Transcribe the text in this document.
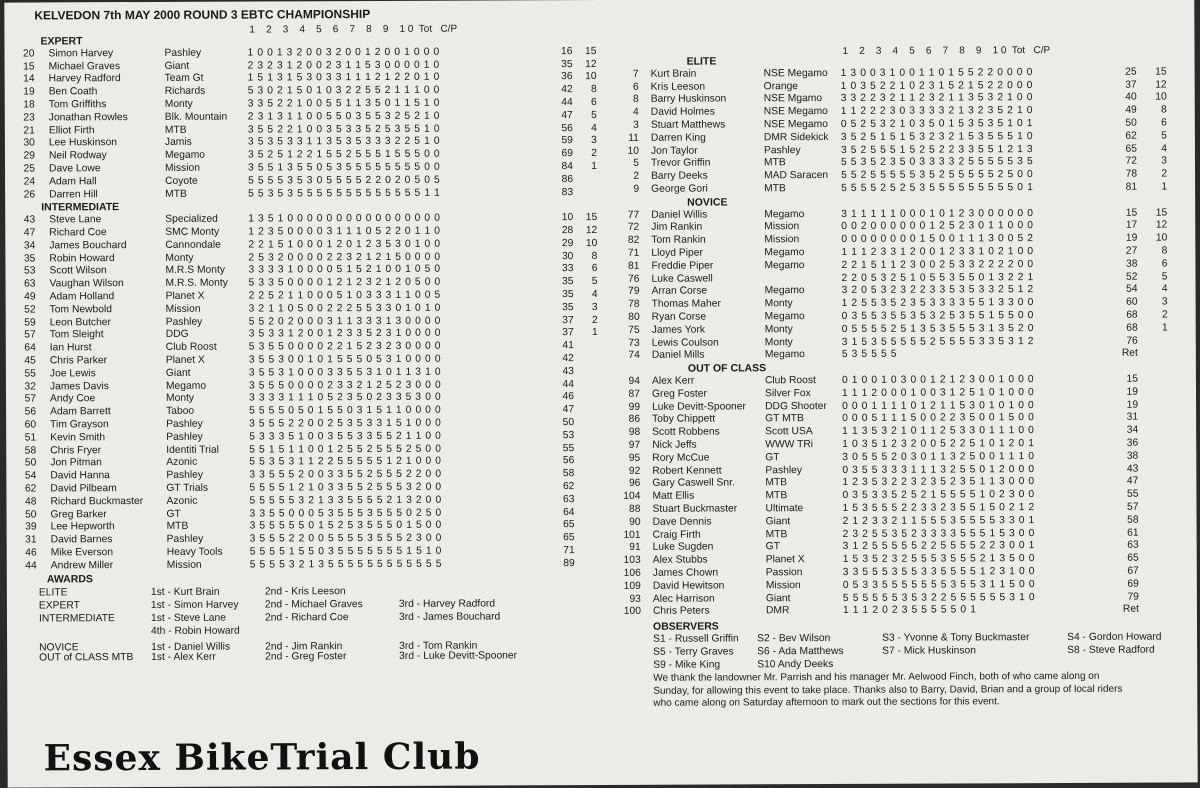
KELVEDON 7th MAY 2000 ROUND 3 EBTC CHAMPIONSHIP
1    2    3    4    5    6    7    8    9    1 0  Tot   C/P
EXPERT
20 Simon Harvey	Pashley	1 0 0 1 3 2 0 0 3 2 0 0 1 2 0 0 1 0 0 0	16	15
15 Michael Graves	Giant	2 3 2 3 1 2 0 0 2 3 1 1 5 3 0 0 0 0 1 0	35	12
14 Harvey Radford	Team Gt	1 5 1 3 1 5 3 0 3 3 1 1 1 2 1 2 2 0 1 0	36	10
19 Ben Coath	Richards	5 3 0 2 1 5 0 1 0 3 2 2 5 5 2 1 1 1 0 0	42	8
18 Tom Griffiths	Monty	3 3 5 2 2 1 0 0 5 5 1 1 3 5 0 1 1 5 1 0	44	6
23 Jonathan Rowles	Blk. Mountain 2 3 1 3 1 1 0 0 5 5 0 3 5 5 3 2 5 2 1 0	47	5
21 Elliot Firth	MTB	3 5 5 2 2 1 0 0 3 5 3 3 5 2 5 3 5 5 1 0	56	4
30 Lee Huskinson	Jamis	3 5 3 5 3 3 1 1 3 5 3 5 3 3 3 2 2 5 1 0	59	3
29 Neil Rodway	Megamo	3 5 2 5 1 2 2 1 5 5 2 5 5 5 1 5 5 5 0 0	69	2
25 Dave Lowe	Mission	3 5 5 1 3 5 5 0 5 3 5 5 5 5 5 5 5 5 0 0	84	1
24 Adam Hall	Coyote	5 5 5 5 3 5 3 0 5 5 5 5 2 2 0 2 0 5 0 5	86
26 Darren Hill	MTB	5 5 3 5 3 5 5 5 5 5 5 5 5 5 5 5 5 5 1 1	83
INTERMEDIATE
43 Steve Lane	Specialized	1 3 5 1 0 0 0 0 0 0 0 0 0 0 0 0 0 0 0 0	10	15
47 Richard Coe	SMC Monty	1 2 3 5 0 0 0 0 3 1 1 1 0 5 2 2 0 1 1 0	28	12
34 James Bouchard	Cannondale	2 2 1 5 1 0 0 0 1 2 0 1 2 3 5 3 0 1 0 0	29	10
35 Robin Howard	Monty	2 5 3 2 0 0 0 0 2 2 3 2 1 2 1 5 0 0 0 0	30	8
53 Scott Wilson	M.R.S Monty 3 3 3 3 1 0 0 0 0 5 1 5 2 1 0 0 1 0 5 0	33	6
63 Vaughan Wilson	M.R.S. Monty 5 3 3 5 0 0 0 0 1 2 1 2 3 2 1 2 0 5 0 0	35	5
49 Adam Holland	Planet X	2 2 5 2 1 1 0 0 0 5 1 0 3 3 3 1 1 0 0 5	35	4
52 Tom Newbold	Mission	3 2 1 1 0 5 0 0 2 2 2 5 5 3 3 0 1 0 1 0	35	3
59 Leon Butcher	Pashley	5 5 2 0 2 0 0 0 3 1 1 3 3 3 1 3 0 0 0 0	37	2
57 Tom Sleight	DDG	3 5 3 3 1 2 0 0 1 2 3 3 5 2 3 1 0 0 0 0	37	1
64 Ian Hurst	Club Roost	5 3 5 5 0 0 0 0 2 2 1 5 2 3 2 3 0 0 0 0	41
45 Chris Parker	Planet X	3 5 5 3 0 0 1 0 1 5 5 5 0 5 3 1 0 0 0 0	42
55 Joe Lewis	Giant	3 5 5 3 1 0 0 0 3 3 5 5 3 1 0 1 1 3 1 0	43
32 James Davis	Megamo	3 5 5 5 0 0 0 0 2 3 3 2 1 2 5 2 3 0 0 0	44
57 Andy Coe	Monty	3 3 3 3 1 1 1 0 5 2 3 5 0 2 3 3 5 3 0 0	46
56 Adam Barrett	Taboo	5 5 5 5 0 5 0 1 5 5 0 3 1 5 1 1 0 0 0 0	47
60 Tim Grayson	Pashley	3 5 5 5 2 2 0 0 2 5 3 5 3 3 1 5 1 0 0 0	50
51 Kevin Smith	Pashley	5 3 3 3 5 1 0 0 3 5 5 3 3 5 5 2 1 1 0 0	53
58 Chris Fryer	Identiti Trial	5 5 1 5 1 1 0 0 1 2 5 5 2 5 5 5 2 5 0 0	55
50 Jon Pitman	Azonic	5 5 3 5 3 1 1 2 2 5 5 5 5 5 1 2 1 0 0 0	56
54 David Hanna	Pashley	3 3 5 5 5 2 0 0 3 3 5 5 2 5 5 5 2 2 0 0	58
62 David Pilbeam	GT Trials	5 5 5 5 1 2 1 0 3 3 5 5 2 5 5 5 3 2 0 0	62
48 Richard Buckmaster Azonic	5 5 5 5 5 3 2 1 3 3 5 5 5 5 2 1 3 2 0 0	63
50 Greg Barker	GT	3 3 5 5 0 0 0 5 3 5 5 5 3 5 5 5 0 2 5 0	64
39 Lee Hepworth	MTB	3 5 5 5 5 5 0 1 5 2 5 3 5 5 5 0 1 5 0 0	65
31 David Barnes	Pashley	3 5 5 5 2 2 0 0 5 5 5 5 3 5 5 5 2 3 0 0	65
46 Mike Everson	Heavy Tools	5 5 5 5 1 5 5 0 3 5 5 5 5 5 5 5 1 5 1 0	71
44 Andrew Miller	Mission	5 5 5 5 3 2 1 3 5 5 5 5 5 5 5 5 5 5 5 5	89
AWARDS
ELITE	1st - Kurt Brain	2nd - Kris Leeson
EXPERT	1st - Simon Harvey	2nd - Michael Graves	3rd - Harvey Radford
INTERMEDIATE	1st - Steve Lane	2nd - Richard Coe	3rd - James Bouchard
4th - Robin Howard
NOVICE	1st - Daniel Willis	2nd - Jim Rankin	3rd - Tom Rankin
OUT of CLASS MTB 1st - Alex Kerr	2nd - Greg Foster	3rd - Luke Devitt-Spooner
1    2    3    4    5    6    7    8    9    1 0  Tot   C/P
ELITE
7 Kurt Brain	NSE Megamo 1 3 0 0 3 1 0 0 1 1 0 1 5 5 2 2 0 0 0 0	25	15
6 Kris Leeson	Orange	1 0 3 5 2 2 1 0 2 3 1 5 2 1 5 2 2 0 0 0	37	12
8 Barry Huskinson	NSE Mgamo 3 3 2 2 3 2 1 1 2 3 2 1 1 3 5 3 2 1 0 0	40	10
4 David Holmes	NSE Megamo 1 1 2 2 2 3 0 3 3 3 3 2 1 3 2 3 5 2 1 0	49	8
3 Stuart Matthews	NSE Megamo 0 5 2 5 3 2 1 0 3 5 0 1 5 3 5 3 5 1 0 1	50	6
11 Darren King	DMR Sidekick 3 5 2 5 1 5 1 5 3 2 3 2 1 5 3 5 5 5 1 0	62	5
10 Jon Taylor	Pashley	3 5 2 5 5 5 1 5 2 5 2 2 3 3 5 5 1 2 1 3	65	4
5 Trevor Griffin	MTB	5 5 3 5 2 3 5 0 3 3 3 3 2 5 5 5 5 5 3 5	72	3
2 Barry Deeks	MAD Saracen 5 5 2 5 5 5 5 5 3 5 2 5 5 5 5 5 2 5 0 0	78	2
9 George Gori	MTB	5 5 5 5 2 5 2 5 3 5 5 5 5 5 5 5 5 5 0 1	81	1
NOVICE
77 Daniel Willis	Megamo	3 1 1 1 1 1 0 0 0 1 0 1 2 3 0 0 0 0 0 0	15	15
72 Jim Rankin	Mission	0 0 2 0 0 0 0 0 0 1 2 5 2 3 0 1 1 0 0 0	17	12
82 Tom Rankin	Mission	0 0 0 0 0 0 0 0 1 5 0 0 1 1 1 3 0 0 5 2	19	10
71 Lloyd Piper	Megamo	1 1 1 2 3 3 1 2 0 0 1 2 3 3 1 0 2 1 0 0	27	8
81 Freddie Piper	Megamo	2 2 1 5 1 1 2 3 0 0 2 5 3 3 2 2 2 2 0 0	38	6
76 Luke Caswell	2 2 0 5 3 2 5 1 0 5 5 3 5 5 0 1 3 2 2 1	52	5
79 Arran Corse	Megamo	3 2 0 5 3 2 3 2 2 3 3 5 3 5 3 3 2 5 1 2	54	4
78 Thomas Maher	Monty	1 2 5 5 3 5 2 3 5 3 3 3 3 5 5 1 3 3 0 0	60	3
80 Ryan Corse	Megamo	0 3 5 5 3 5 5 3 5 3 2 5 3 5 5 1 5 5 0 0	68	2
75 James York	Monty	0 5 5 5 5 2 5 1 3 5 3 5 5 5 3 1 3 5 2 0	68	1
73 Lewis Coulson	Monty	3 1 5 3 5 5 5 5 5 2 5 5 5 5 3 3 5 3 1 2	76
74 Daniel Mills	Megamo	5 3 5 5 5 5	Ret
OUT OF CLASS
94 Alex Kerr	Club Roost	0 1 0 0 1 0 3 0 0 1 2 1 2 3 0 0 1 0 0 0	15
87 Greg Foster	Silver Fox	1 1 1 2 0 0 0 1 0 0 3 1 2 5 1 0 1 0 0 0	19
99 Luke Devitt-Spooner DDG Shooter 0 0 0 1 1 1 1 0 1 2 1 1 5 3 0 1 0 1 0 0	19
86 Toby Chippett	GT MTB	0 0 0 5 1 1 1 5 0 0 2 2 3 5 0 0 1 5 0 0	31
98 Scott Robbens	Scott USA	1 1 3 5 3 2 1 0 1 1 2 5 3 3 0 1 1 1 0 0	34
97 Nick Jeffs	WWW TRi	1 0 3 5 1 2 3 2 0 0 5 2 2 5 1 0 1 2 0 1	36
95 Rory McCue	GT	3 0 5 5 5 2 0 3 0 1 1 3 2 5 0 0 1 1 1 0	38
92 Robert Kennett	Pashley	0 3 5 5 3 3 3 1 1 1 3 2 5 5 0 1 2 0 0 0	43
96 Gary Caswell Snr.	MTB	1 2 3 5 3 2 2 3 2 3 5 2 3 5 1 1 3 0 0 0	47
104 Matt Ellis	MTB	0 3 5 3 3 5 2 5 2 1 5 5 5 5 1 0 2 3 0 0	55
88 Stuart Buckmaster	Ultimate	1 5 3 5 5 5 2 2 3 3 2 3 5 5 1 5 0 2 1 2	57
90 Dave Dennis	Giant	2 1 2 3 3 2 1 1 5 5 5 3 5 5 5 5 3 3 0 1	58
101 Craig Firth	MTB	2 3 2 5 5 3 5 2 3 3 3 3 5 5 5 1 5 3 0 0	61
91 Luke Sugden	GT	3 1 2 5 5 5 5 5 2 2 5 5 5 5 2 2 3 0 0 1	63
103 Alex Stubbs	Planet X	1 5 3 5 2 3 2 5 5 5 3 5 5 5 2 1 3 5 0 0	65
106 James Chown	Passion	3 3 5 5 5 3 5 5 3 3 5 5 5 5 1 2 3 1 0 0	67
109 David Hewitson	Mission	0 5 3 3 5 5 5 5 5 5 5 3 5 5 3 1 1 5 0 0	69
93 Alec Harrison	Giant	5 5 5 5 5 5 3 5 3 2 2 5 5 5 5 5 5 3 1 0	79
100 Chris Peters	DMR	1 1 1 2 0 2 3 5 5 5 5 5 0 1	Ret
OBSERVERS
S1 - Russell Griffin S2 - Bev Wilson	S3 - Yvonne & Tony Buckmaster	S4 - Gordon Howard
S5 - Terry Graves S6 - Ada Matthews	S7 - Mick Huskinson	S8 - Steve Radford
S9 - Mike King	S10 Andy Deeks
We thank the landowner Mr. Parrish and his manager Mr. Aelwood Finch, both of who came along on
Sunday, for allowing this event to take place. Thanks also to Barry, David, Brian and a group of local riders
who came along on Saturday afternoon to mark out the sections for this event.
Essex BikeTrial Club
